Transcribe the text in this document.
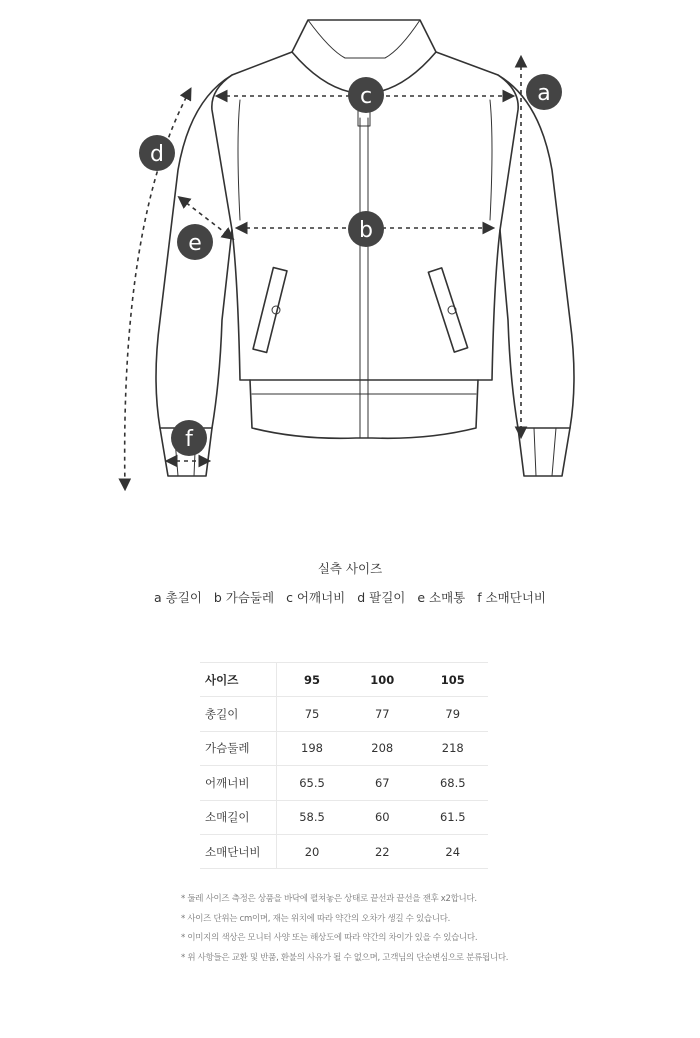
c
b
a
d
e
f
실측 사이즈
a 총길이 b 가슴둘레 c 어깨너비 d 팔길이 e 소매통 f 소매단너비
사이즈	95	100	105
총길이	75	77	79
가슴둘레	198	208	218
어깨너비	65.5	67	68.5
소매길이	58.5	60	61.5
소매단너비	20	22	24
* 둘레 사이즈 측정은 상품을 바닥에 펼쳐놓은 상태로 끝선과 끝선을 잰후 x2합니다.
* 사이즈 단위는 cm이며, 재는 위치에 따라 약간의 오차가 생길 수 있습니다.
* 이미지의 색상은 모니터 사양 또는 해상도에 따라 약간의 차이가 있을 수 있습니다.
* 위 사항들은 교환 및 반품, 환불의 사유가 될 수 없으며, 고객님의 단순변심으로 분류됩니다.
